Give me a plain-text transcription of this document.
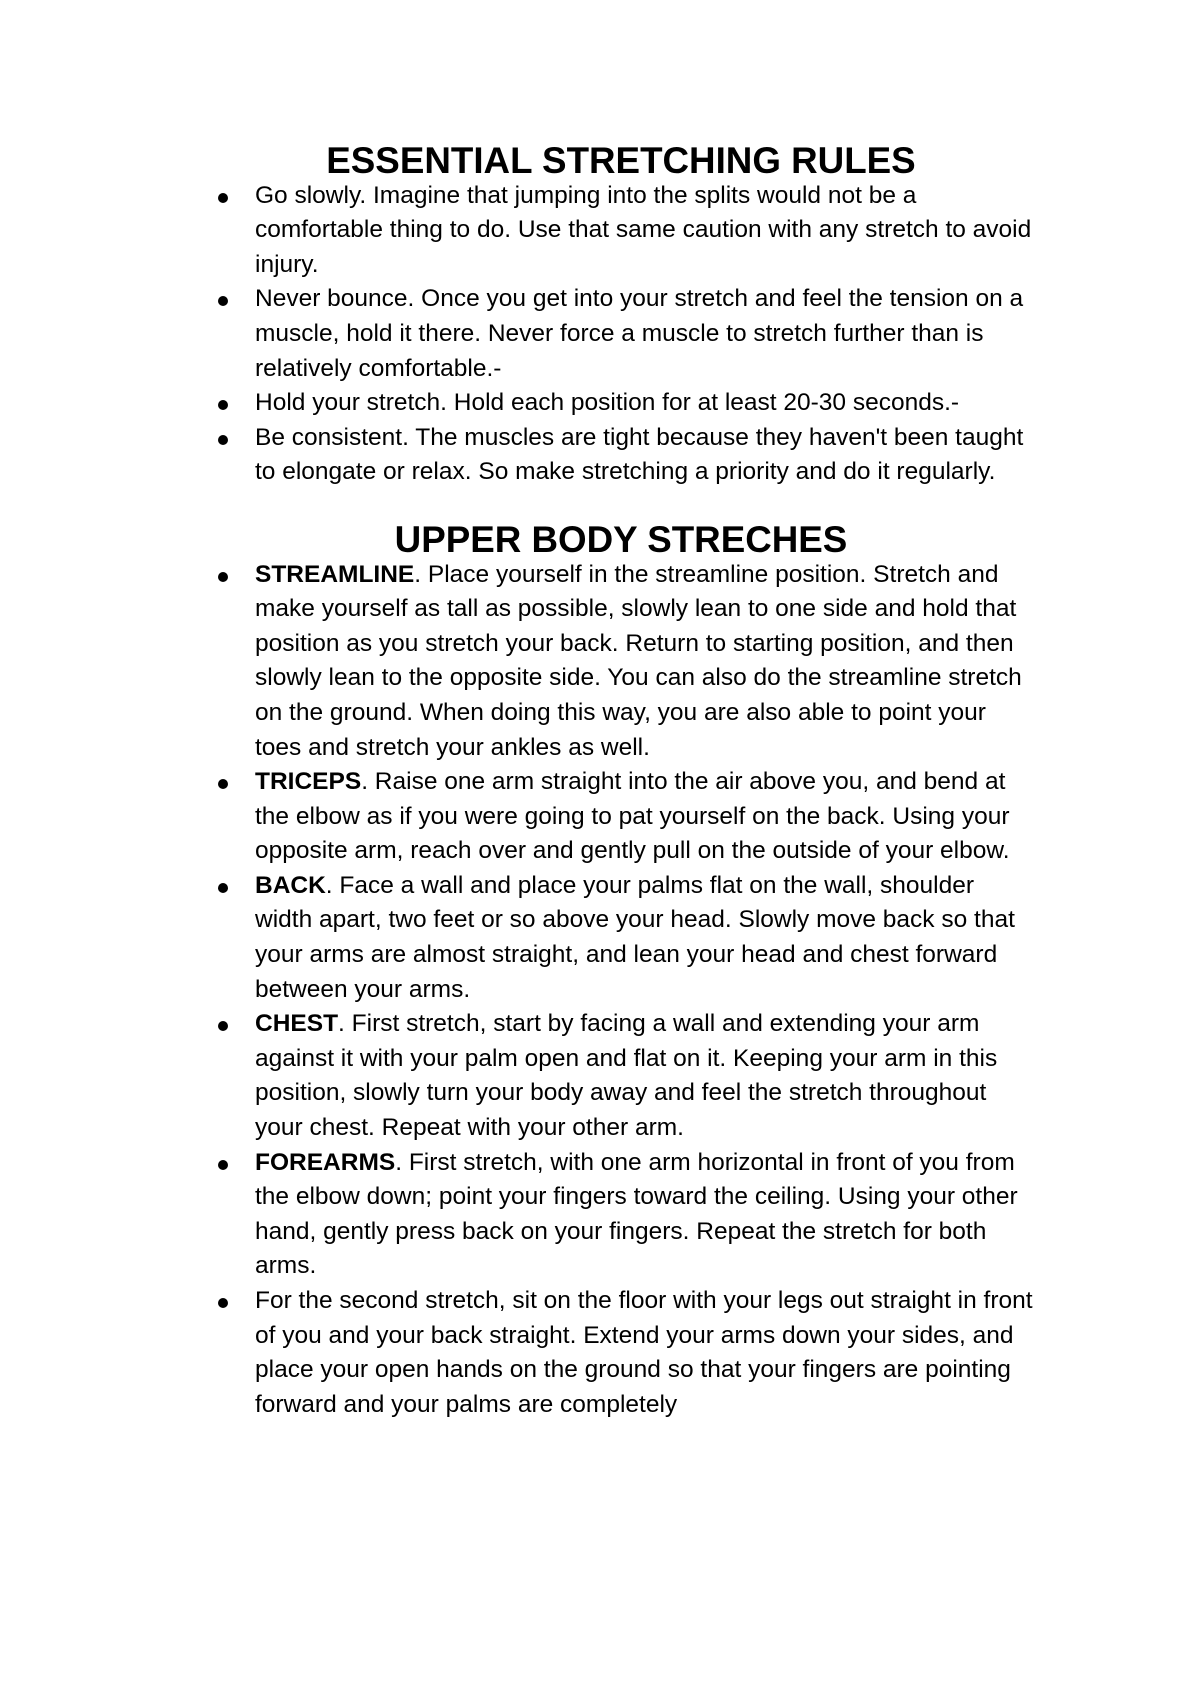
ESSENTIAL STRETCHING RULES
Go slowly. Imagine that jumping into the splits would not be a comfortable thing to do. Use that same caution with any stretch to avoid injury.
Never bounce. Once you get into your stretch and feel the tension on a muscle, hold it there. Never force a muscle to stretch further than is relatively comfortable.-
Hold your stretch. Hold each position for at least 20-30 seconds.-
Be consistent. The muscles are tight because they haven't been taught to elongate or relax. So make stretching a priority and do it regularly.
UPPER BODY STRECHES
STREAMLINE. Place yourself in the streamline position. Stretch and make yourself as tall as possible, slowly lean to one side and hold that position as you stretch your back. Return to starting position, and then slowly lean to the opposite side. You can also do the streamline stretch on the ground. When doing this way, you are also able to point your toes and stretch your ankles as well.
TRICEPS. Raise one arm straight into the air above you, and bend at the elbow as if you were going to pat yourself on the back. Using your opposite arm, reach over and gently pull on the outside of your elbow.
BACK. Face a wall and place your palms flat on the wall, shoulder width apart, two feet or so above your head. Slowly move back so that your arms are almost straight, and lean your head and chest forward between your arms.
CHEST. First stretch, start by facing a wall and extending your arm against it with your palm open and flat on it. Keeping your arm in this position, slowly turn your body away and feel the stretch throughout your chest. Repeat with your other arm.
FOREARMS. First stretch, with one arm horizontal in front of you from the elbow down; point your fingers toward the ceiling. Using your other hand, gently press back on your fingers. Repeat the stretch for both arms.
For the second stretch, sit on the floor with your legs out straight in front of you and your back straight. Extend your arms down your sides, and place your open hands on the ground so that your fingers are pointing forward and your palms are completely
